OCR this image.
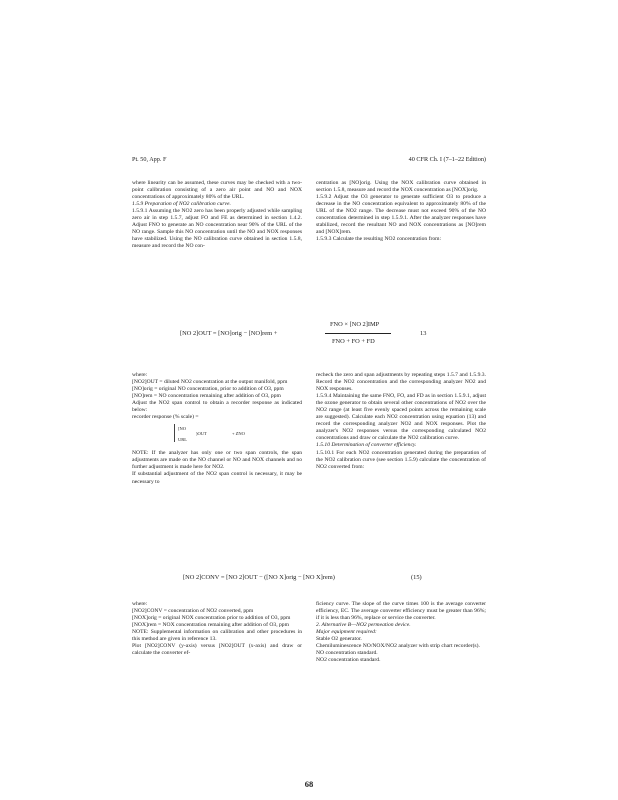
Pt. 50, App. F	40 CFR Ch. I (7–1–22 Edition)

where linearity can be assumed, these curves may be checked with a two-point calibration consisting of a zero air point and NO and NOX concentrations of approximately 80% of the URL.

1.5.9 Preparation of NO2 calibration curve.

1.5.9.1 Assuming the NO2 zero has been properly adjusted while sampling zero air in step 1.5.7, adjust FO and FE as determined in section 1.4.2. Adjust FNO to generate an NO concentration near 90% of the URL of the NO range. Sample this NO concentration until the NO and NOX responses have stabilized. Using the NO calibration curve obtained in section 1.5.8, measure and record the NO con-

centration as [NO]orig. Using the NOX calibration curve obtained in section 1.5.8, measure and record the NOX concentration as [NOX]orig.

1.5.9.2 Adjust the O3 generator to generate sufficient O3 to produce a decrease in the NO concentration equivalent to approximately 80% of the URL of the NO2 range. The decrease must not exceed 90% of the NO concentration determined in step 1.5.9.1. After the analyzer responses have stabilized, record the resultant NO and NOX concentrations as [NO]rem and [NOX]rem.

1.5.9.3 Calculate the resulting NO2 concentration from:

[NO 2]OUT = [NO]orig − [NO]rem +
FNO × [NO 2]IMP
FNO + FO + FD
13

where:

[NO2]OUT = diluted NO2 concentration at the output manifold, ppm

[NO]orig = original NO concentration, prior to addition of O3, ppm

[NO]rem = NO concentration remaining after addition of O3, ppm

Adjust the NO2 span control to obtain a recorder response as indicated below:

recorder response (% scale) =

[NO
)OUT
URL
+ ZNO

NOTE: If the analyzer has only one or two span controls, the span adjustments are made on the NO channel or NO and NOX channels and no further adjustment is made here for NO2.

If substantial adjustment of the NO2 span control is necessary, it may be necessary to

recheck the zero and span adjustments by repeating steps 1.5.7 and 1.5.9.3. Record the NO2 concentration and the corresponding analyzer NO2 and NOX responses.

1.5.9.4 Maintaining the same FNO, FO, and FD as in section 1.5.9.1, adjust the ozone generator to obtain several other concentrations of NO2 over the NO2 range (at least five evenly spaced points across the remaining scale are suggested). Calculate each NO2 concentration using equation (13) and record the corresponding analyzer NO2 and NOX responses. Plot the analyzer's NO2 responses versus the corresponding calculated NO2 concentrations and draw or calculate the NO2 calibration curve.

1.5.10 Determination of converter efficiency.

1.5.10.1 For each NO2 concentration generated during the preparation of the NO2 calibration curve (see section 1.5.9) calculate the concentration of NO2 converted from:

[NO 2]CONV = [NO 2]OUT − ([NO X]orig − [NO X]rem)	(15)

where:

[NO2]CONV = concentration of NO2 converted, ppm

[NOX]orig = original NOX concentration prior to addition of O3, ppm

[NOX]rem = NOX concentration remaining after addition of O3, ppm

NOTE: Supplemental information on calibration and other procedures in this method are given in reference 13.

Plot [NO2]CONV (y-axis) versus [NO2]OUT (x-axis) and draw or calculate the converter ef-

ficiency curve. The slope of the curve times 100 is the average converter efficiency, EC. The average converter efficiency must be greater than 96%; if it is less than 96%, replace or service the converter.

2. Alternative B—NO2 permeation device.

Major equipment required:

Stable O2 generator.

Chemiluminescence NO/NOX/NO2 analyzer with strip chart recorder(s).

NO concentration standard.

NO2 concentration standard.

68
